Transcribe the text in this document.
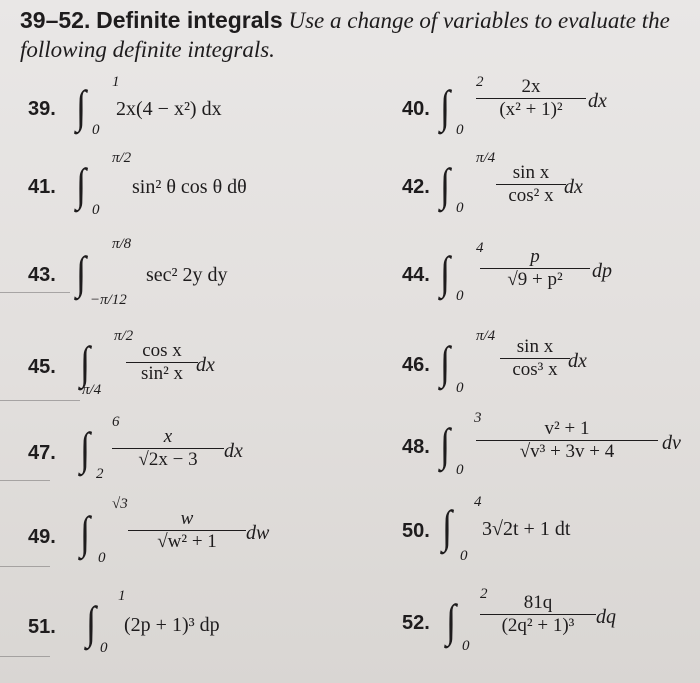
39–52. Definite integrals Use a change of variables to evaluate the
following definite integrals.
39. ∫ 1
0
2x(4 − x²) dx	40. ∫ 2
0
2x
(x² + 1)²	dx
41. ∫
π/2
0
sin² θ cos θ dθ	42. ∫
π/4
0
sin x
cos² x dx
43. ∫
π/8
−π/12
sec² 2y dy	44. ∫ 4
0
p
√9 + p²	dp
45. ∫
π/2
π/4
cos x
sin² x dx	46. ∫
π/4
0
sin x
cos³ x dx
47. ∫
6
2
x
√2x − 3	dx	48. ∫
3
0
v² + 1
√v³ + 3v + 4	dv
49. ∫
√3
0
w
√w² + 1	dw	50. ∫ 4
0
3√2t + 1 dt
51. ∫
1
0
(2p + 1)³ dp	52. ∫
2
0
81q
(2q² + 1)³	dq
